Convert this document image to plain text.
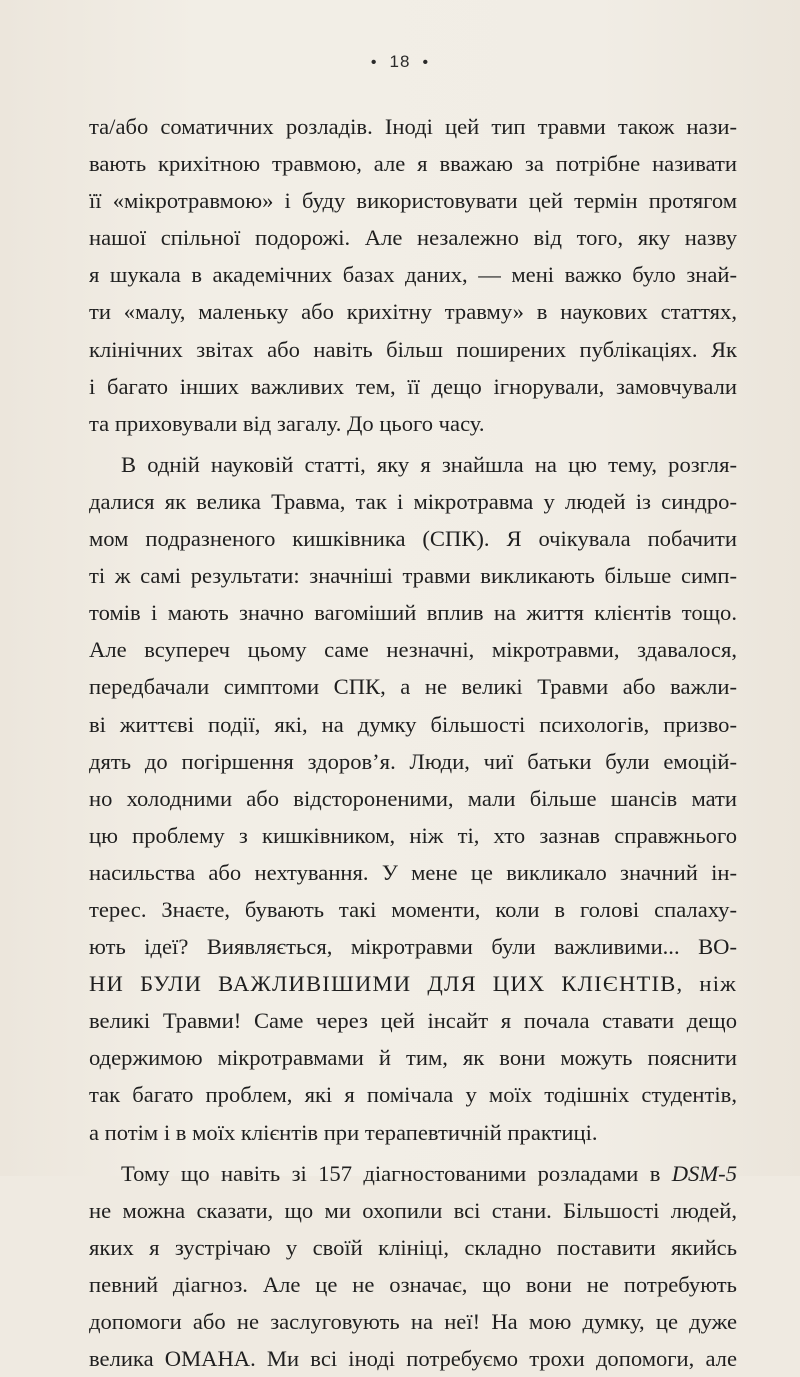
• 18 •
та/або соматичних розладів. Іноді цей тип травми також нази-
вають крихітною травмою, але я вважаю за потрібне називати
її «мікротравмою» і буду використовувати цей термін протягом
нашої спільної подорожі. Але незалежно від того, яку назву
я шукала в академічних базах даних, — мені важко було знай-
ти «малу, маленьку або крихітну травму» в наукових статтях,
клінічних звітах або навіть більш поширених публікаціях. Як
і багато інших важливих тем, її дещо ігнорували, замовчували
та приховували від загалу. До цього часу.
В одній науковій статті, яку я знайшла на цю тему, розгля-
далися як велика Травма, так і мікротравма у людей із синдро-
мом подразненого кишківника (СПК). Я очікувала побачити
ті ж самі результати: значніші травми викликають більше симп-
томів і мають значно вагоміший вплив на життя клієнтів тощо.
Але всупереч цьому саме незначні, мікротравми, здавалося,
передбачали симптоми СПК, а не великі Травми або важли-
ві життєві події, які, на думку більшості психологів, призво-
дять до погіршення здоров’я. Люди, чиї батьки були емоцій-
но холодними або відстороненими, мали більше шансів мати
цю проблему з кишківником, ніж ті, хто зазнав справжнього
насильства або нехтування. У мене це викликало значний ін-
терес. Знаєте, бувають такі моменти, коли в голові спалаху-
ють ідеї? Виявляється, мікротравми були важливими... ВО-
НИ БУЛИ ВАЖЛИВІШИМИ ДЛЯ ЦИХ КЛІЄНТІВ, ніж
великі Травми! Саме через цей інсайт я почала ставати дещо
одержимою мікротравмами й тим, як вони можуть пояснити
так багато проблем, які я помічала у моїх тодішніх студентів,
а потім і в моїх клієнтів при терапевтичній практиці.
Тому що навіть зі 157 діагностованими розладами в DSM-5
не можна сказати, що ми охопили всі стани. Більшості людей,
яких я зустрічаю у своїй клініці, складно поставити якийсь
певний діагноз. Але це не означає, що вони не потребують
допомоги або не заслуговують на неї! На мою думку, це дуже
велика ОМАНА. Ми всі іноді потребуємо трохи допомоги, але
